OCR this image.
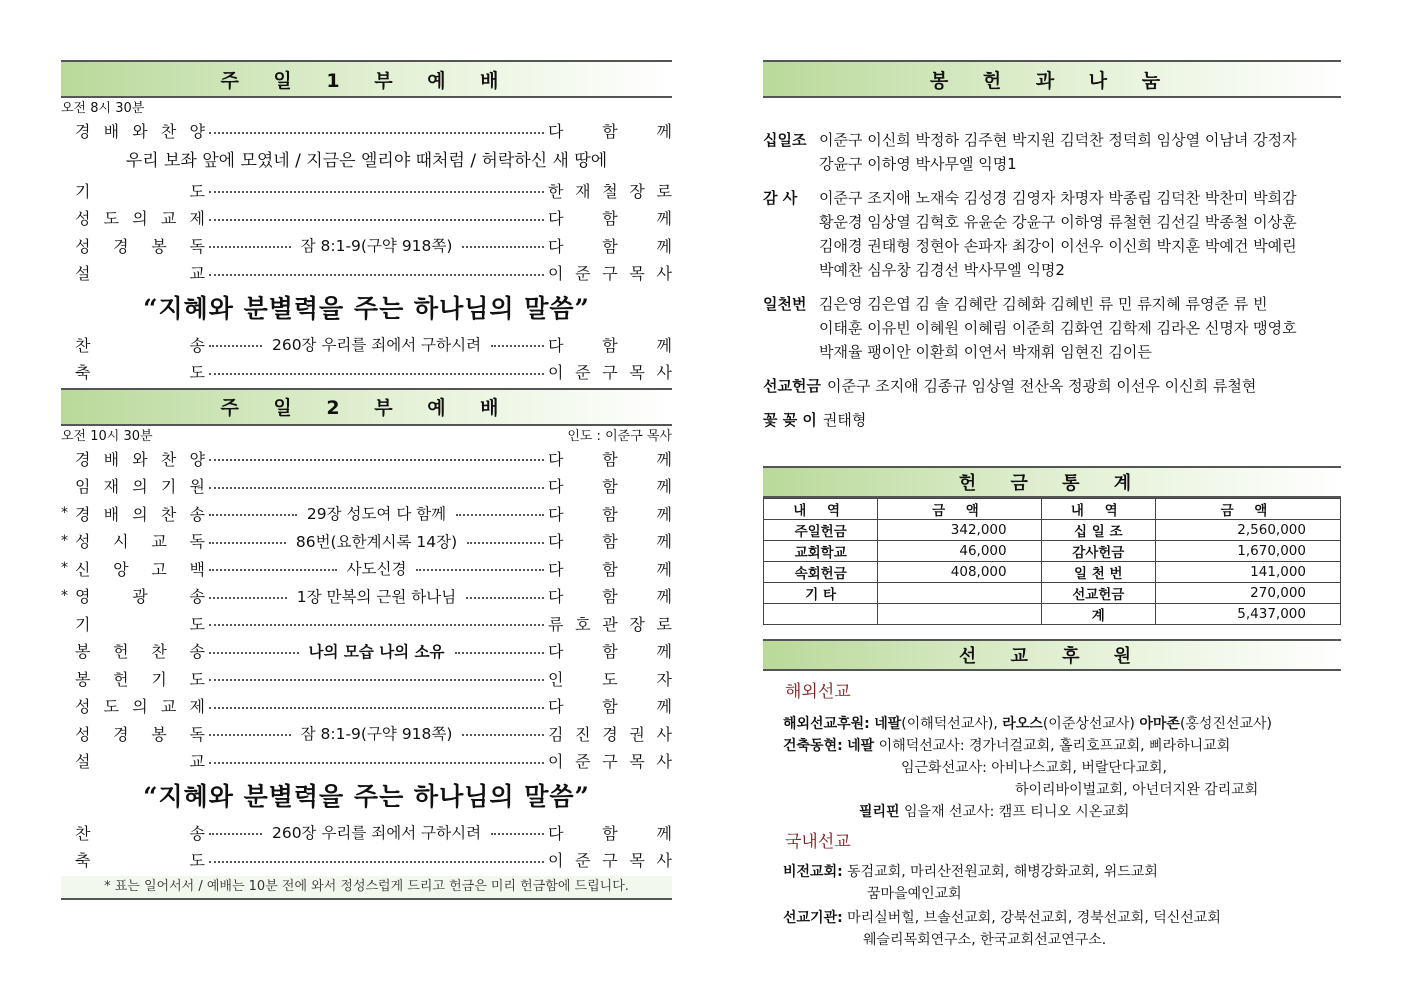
주 일 1 부 예 배
오전 8시 30분
경 배 와 찬 양	다 함 께
우리 보좌 앞에 모였네 / 지금은 엘리야 때처럼 / 허락하신 새 땅에
기	도	한 재 철 장 로
성 도 의 교 제	다 함 께
성 경 봉 독	잠 8:1-9(구약 918쪽)	다 함 께
설	교	이 준 구 목 사
“지혜와 분별력을 주는 하나님의 말씀”
찬	송	260장 우리를 죄에서 구하시려	다 함 께
축	도	이 준 구 목 사
주 일 2 부 예 배
오전 10시 30분	인도 : 이준구 목사
경 배 와 찬 양	다 함 께
임 재 의 기 원	다 함 께
* 경 배 의 찬 송	29장 성도여 다 함께	다 함 께
* 성 시 교 독	86번(요한계시록 14장)	다 함 께
* 신 앙 고 백	사도신경	다 함 께
* 영	광	송	1장 만복의 근원 하나님	다 함 께
기	도	류 호 관 장 로
봉 헌 찬 송	나의 모습 나의 소유	다 함 께
봉 헌 기 도	인 도 자
성 도 의 교 제	다 함 께
성 경 봉 독	잠 8:1-9(구약 918쪽)	김 진 경 권 사
설	교	이 준 구 목 사
“지혜와 분별력을 주는 하나님의 말씀”
찬	송	260장 우리를 죄에서 구하시려	다 함 께
축	도	이 준 구 목 사
* 표는 일어서서 / 예배는 10분 전에 와서 정성스럽게 드리고 헌금은 미리 헌금함에 드립니다.
봉 헌 과 나 눔
십일조 이준구 이신희 박정하 김주현 박지원 김덕찬 정덕희 임상열 이남녀 강정자
강윤구 이하영 박사무엘 익명1
감 사	이준구 조지애 노재숙 김성경 김영자 차명자 박종립 김덕찬 박찬미 박희감
황운경 임상열 김혁호 유윤순 강윤구 이하영 류철현 김선길 박종철 이상훈
김애경 권태형 정현아 손파자 최강이 이선우 이신희 박지훈 박예건 박예린
박예찬 심우창 김경선 박사무엘 익명2
일천번 김은영 김은엽 김 솔 김혜란 김혜화 김혜빈 류 민 류지혜 류영준 류 빈
이태훈 이유빈 이혜원 이혜림 이준희 김화연 김학제 김라온 신명자 맹영호
박재율 팽이안 이환희 이연서 박재휘 임현진 김이든
선교헌금 이준구 조지애 김종규 임상열 전산옥 정광희 이선우 이신희 류철현
꽃 꽂 이 권태형
헌 금 통 계
내 역	금 액	내 역	금 액
주일헌금	342,000	십 일 조	2,560,000
교회학교	46,000	감사헌금	1,670,000
속회헌금	408,000	일 천 번	141,000
기 타		선교헌금	270,000
		계	5,437,000
선 교 후 원
해외선교
해외선교후원: 네팔(이해덕선교사), 라오스(이준상선교사) 아마존(홍성진선교사)
건축동현: 네팔 이해덕선교사: 경가너걸교회, 홀리호프교회, 삐라하니교회
임근화선교사: 아비나스교회, 버랄단다교회,
하이리바이벌교회, 아넌더지완 감리교회
필리핀 임을재 선교사: 캠프 티니오 시온교회
국내선교
비전교회: 동검교회, 마리산전원교회, 해병강화교회, 위드교회
꿈마을예인교회
선교기관: 마리실버힐, 브솔선교회, 강북선교회, 경북선교회, 덕신선교회
웨슬리목회연구소, 한국교회선교연구소.
